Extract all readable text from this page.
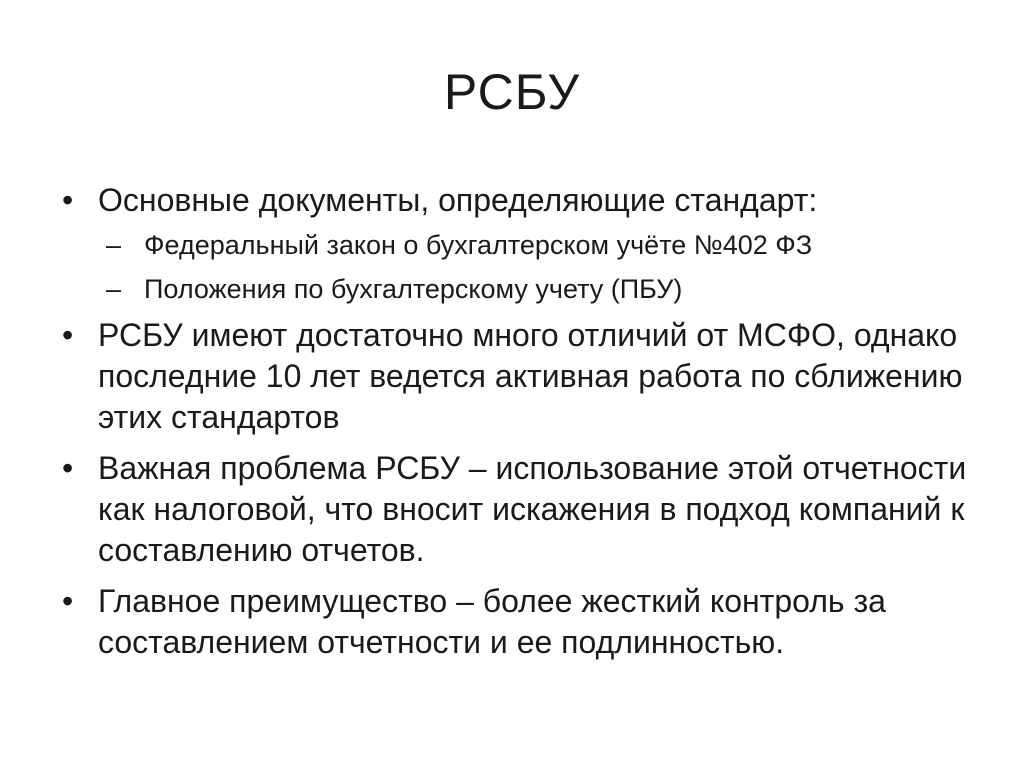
РСБУ
• Основные документы, определяющие стандарт:
– Федеральный закон о бухгалтерском учёте №402 ФЗ
– Положения по бухгалтерскому учету (ПБУ)
• РСБУ имеют достаточно много отличий от МСФО, однако последние 10 лет ведется активная работа по сближению этих стандартов
• Важная проблема РСБУ – использование этой отчетности как налоговой, что вносит искажения в подход компаний к составлению отчетов.
• Главное преимущество – более жесткий контроль за составлением отчетности и ее подлинностью.
